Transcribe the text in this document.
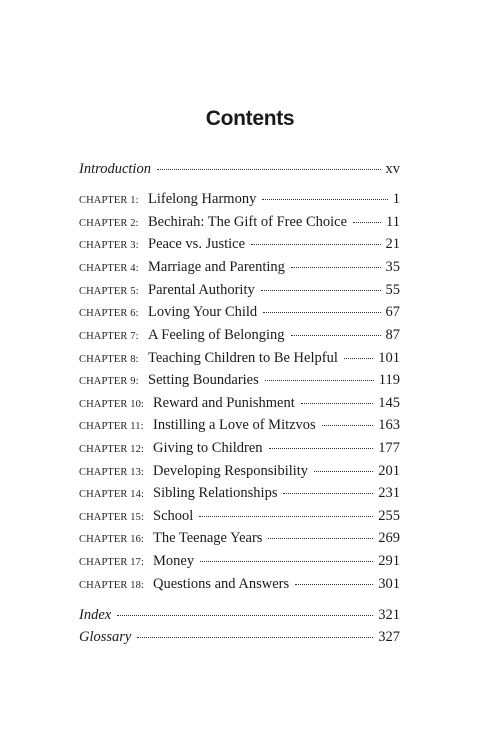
Contents
Introduction	xv
CHAPTER 1: Lifelong Harmony	1
CHAPTER 2: Bechirah: The Gift of Free Choice	11
CHAPTER 3: Peace vs. Justice	21
CHAPTER 4: Marriage and Parenting	35
CHAPTER 5: Parental Authority	55
CHAPTER 6: Loving Your Child	67
CHAPTER 7: A Feeling of Belonging	87
CHAPTER 8: Teaching Children to Be Helpful	101
CHAPTER 9: Setting Boundaries	119
CHAPTER 10: Reward and Punishment	145
CHAPTER 11: Instilling a Love of Mitzvos	163
CHAPTER 12: Giving to Children	177
CHAPTER 13: Developing Responsibility	201
CHAPTER 14: Sibling Relationships	231
CHAPTER 15: School	255
CHAPTER 16: The Teenage Years	269
CHAPTER 17: Money	291
CHAPTER 18: Questions and Answers	301
Index	321
Glossary	327
